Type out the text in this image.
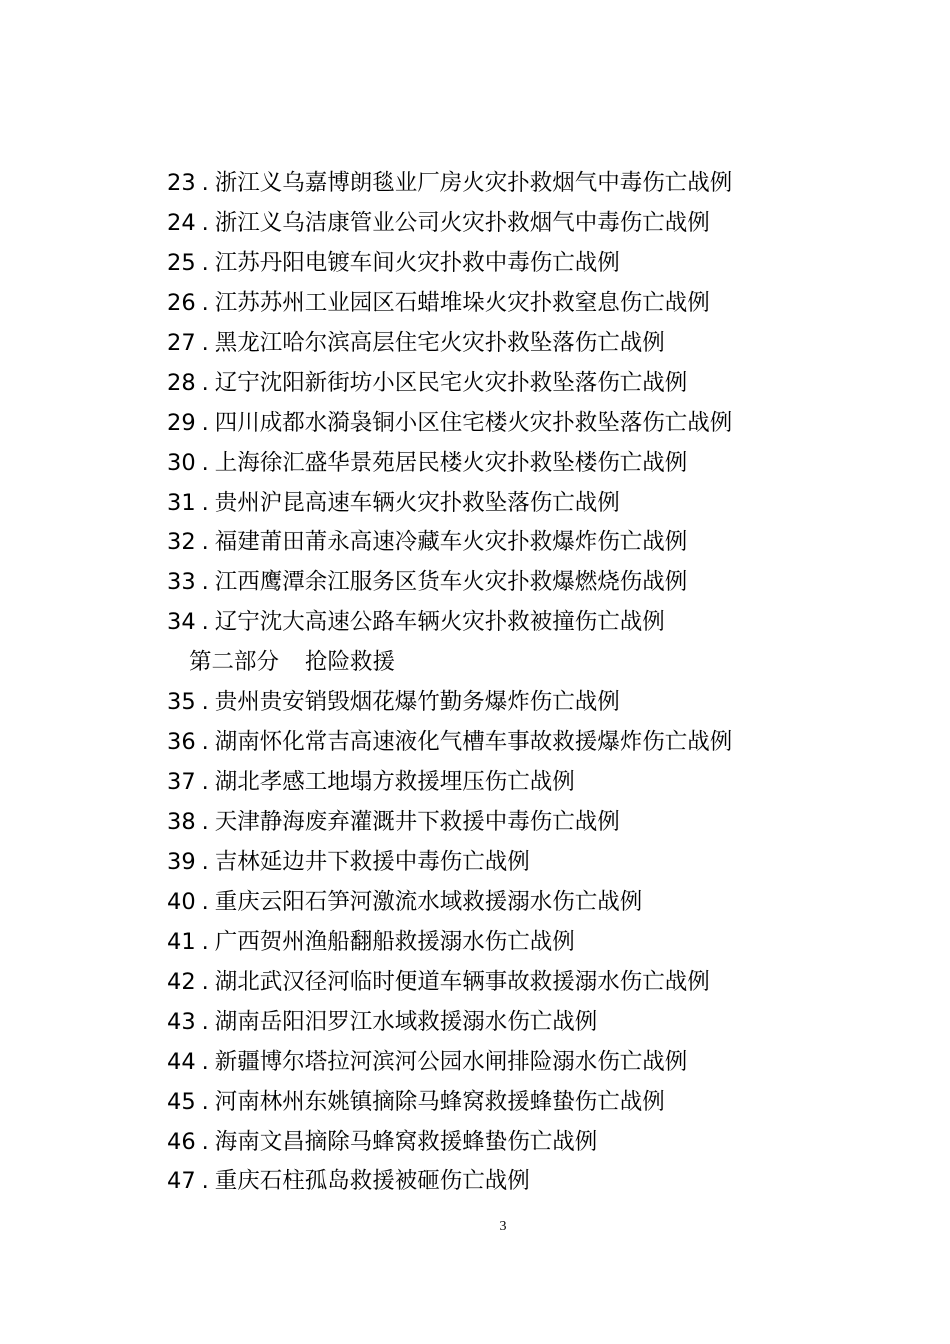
23 . 浙江义乌嘉博朗毯业厂房火灾扑救烟气中毒伤亡战例
24 . 浙江义乌洁康管业公司火灾扑救烟气中毒伤亡战例
25 . 江苏丹阳电镀车间火灾扑救中毒伤亡战例
26 . 江苏苏州工业园区石蜡堆垛火灾扑救窒息伤亡战例
27 . 黑龙江哈尔滨高层住宅火灾扑救坠落伤亡战例
28 . 辽宁沈阳新街坊小区民宅火灾扑救坠落伤亡战例
29 . 四川成都水漪袅铜小区住宅楼火灾扑救坠落伤亡战例
30 . 上海徐汇盛华景苑居民楼火灾扑救坠楼伤亡战例
31 . 贵州沪昆高速车辆火灾扑救坠落伤亡战例
32 . 福建莆田莆永高速冷藏车火灾扑救爆炸伤亡战例
33 . 江西鹰潭余江服务区货车火灾扑救爆燃烧伤战例
34 . 辽宁沈大高速公路车辆火灾扑救被撞伤亡战例
第二部分 抢险救援
35 . 贵州贵安销毁烟花爆竹勤务爆炸伤亡战例
36 . 湖南怀化常吉高速液化气槽车事故救援爆炸伤亡战例
37 . 湖北孝感工地塌方救援埋压伤亡战例
38 . 天津静海废弃灌溉井下救援中毒伤亡战例
39 . 吉林延边井下救援中毒伤亡战例
40 . 重庆云阳石笋河激流水域救援溺水伤亡战例
41 . 广西贺州渔船翻船救援溺水伤亡战例
42 . 湖北武汉径河临时便道车辆事故救援溺水伤亡战例
43 . 湖南岳阳汨罗江水域救援溺水伤亡战例
44 . 新疆博尔塔拉河滨河公园水闸排险溺水伤亡战例
45 . 河南林州东姚镇摘除马蜂窝救援蜂蛰伤亡战例
46 . 海南文昌摘除马蜂窝救援蜂蛰伤亡战例
47 . 重庆石柱孤岛救援被砸伤亡战例
3
